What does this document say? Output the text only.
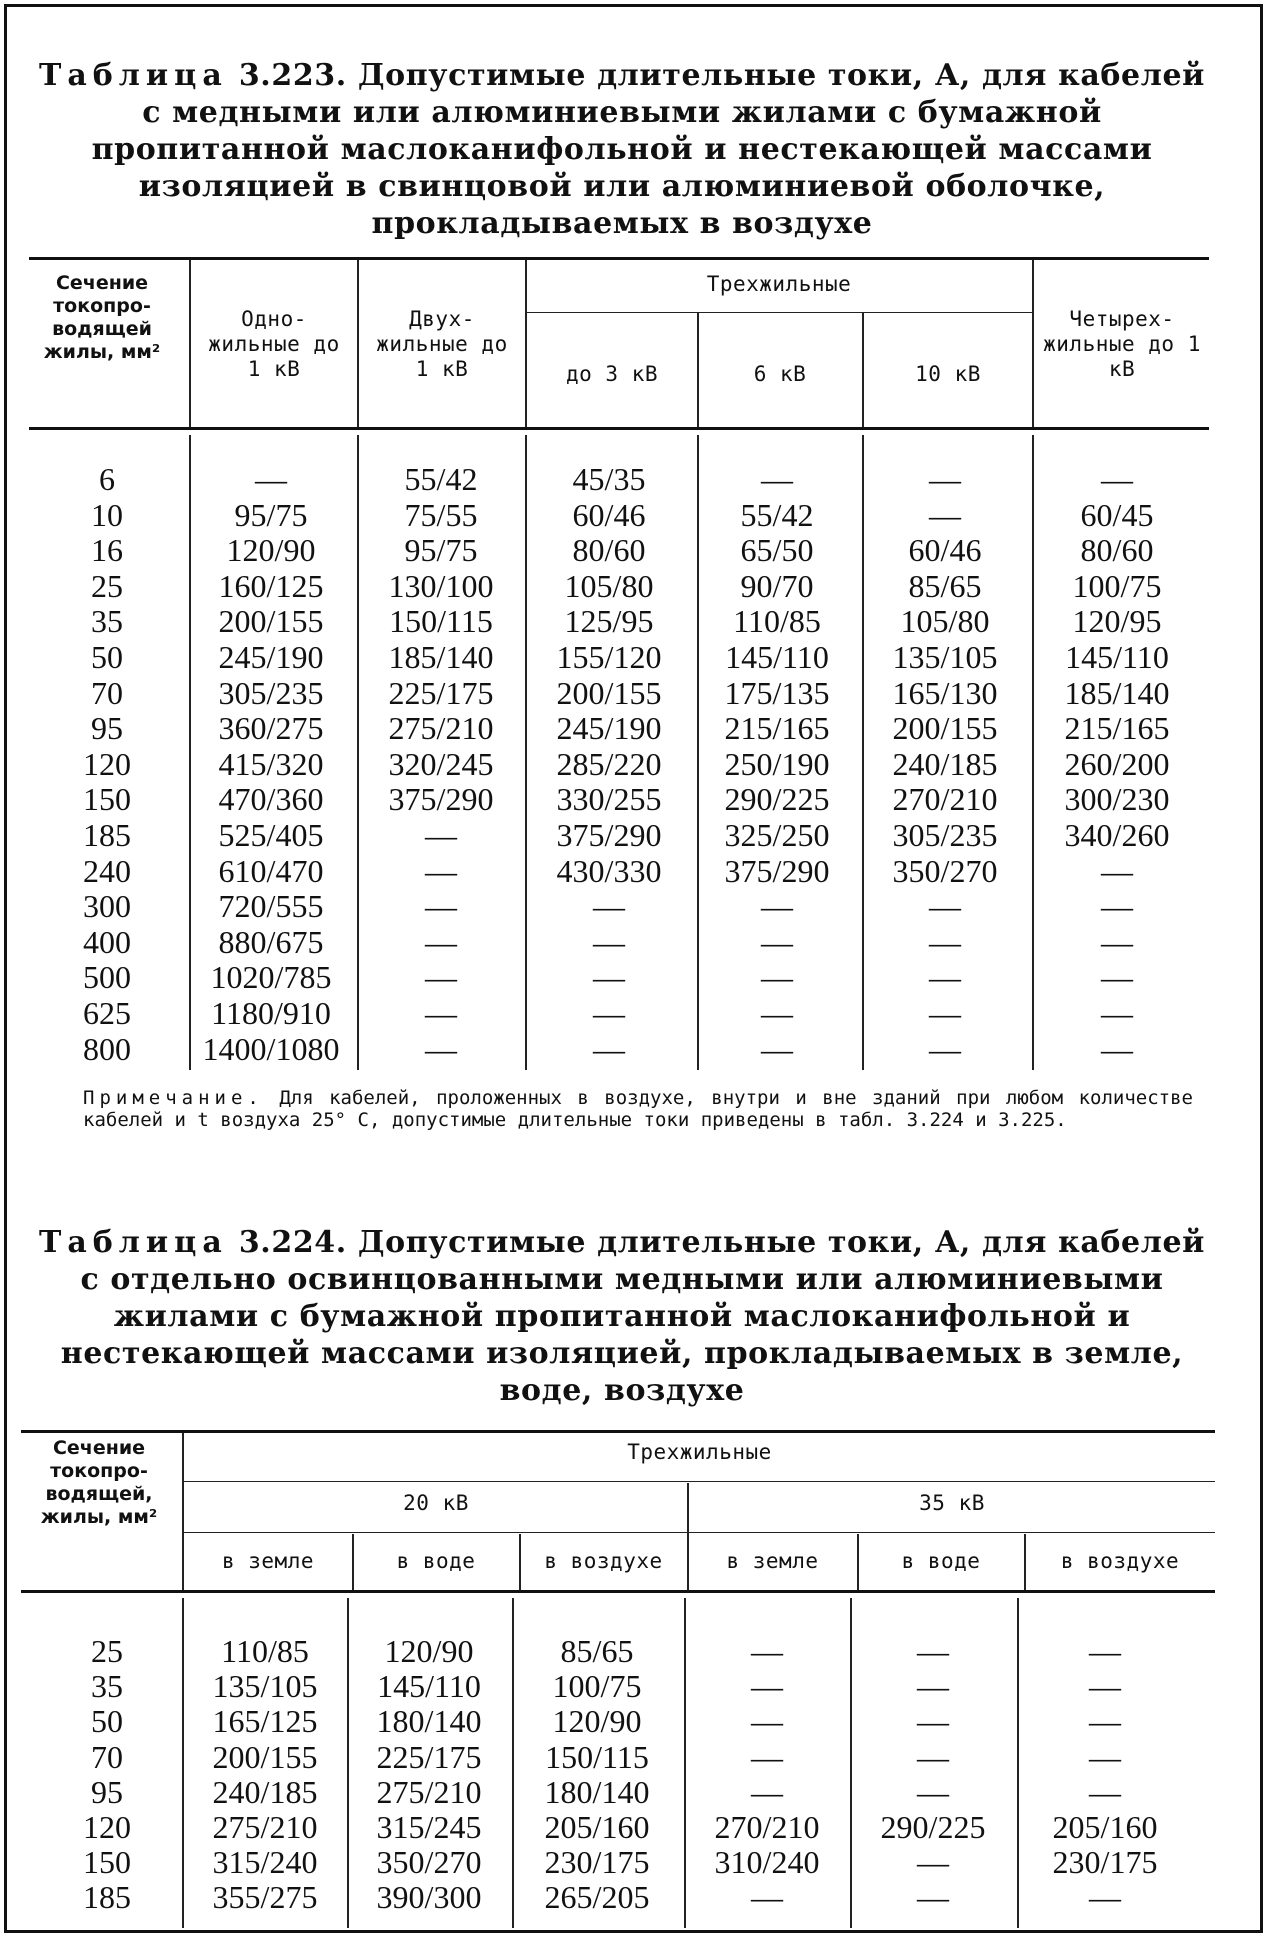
Таблица 3.223. Допустимые длительные токи, А, для кабелей с медными или алюминиевыми жилами с бумажной пропитанной маслоканифольной и нестекающей массами изоляцией в свинцовой или алюминиевой оболочке, прокладываемых в воздухе
Сечение токопро- водящей жилы, мм²
Одно- жильные до 1 кВ
Двух- жильные до 1 кВ
Трехжильные
до 3 кВ	6 кВ	10 кВ
Четырех- жильные до 1 кВ
6	—	55/42	45/35	—	—	—
10	95/75	75/55	60/46	55/42	—	60/45
16	120/90	95/75	80/60	65/50	60/46	80/60
25	160/125	130/100	105/80	90/70	85/65	100/75
35	200/155	150/115	125/95	110/85	105/80	120/95
50	245/190	185/140	155/120	145/110	135/105	145/110
70	305/235	225/175	200/155	175/135	165/130	185/140
95	360/275	275/210	245/190	215/165	200/155	215/165
120	415/320	320/245	285/220	250/190	240/185	260/200
150	470/360	375/290	330/255	290/225	270/210	300/230
185	525/405	—	375/290	325/250	305/235	340/260
240	610/470	—	430/330	375/290	350/270	—
300	720/555	—	—	—	—	—
400	880/675	—	—	—	—	—
500	1020/785	—	—	—	—	—
625	1180/910	—	—	—	—	—
800	1400/1080	—	—	—	—	—
Примечание. Для кабелей, проложенных в воздухе, внутри и вне зданий при любом количестве кабелей и t воздуха 25° С, допустимые длительные токи приведены в табл. 3.224 и 3.225.
Таблица 3.224. Допустимые длительные токи, А, для кабелей с отдельно освинцованными медными или алюминиевыми жилами с бумажной пропитанной маслоканифольной и нестекающей массами изоляцией, прокладываемых в земле, воде, воздухе
Сечение токопро- водящей, жилы, мм²
Трехжильные
20 кВ	35 кВ
в земле	в воде	в воздухе	в земле	в воде	в воздухе
25	110/85	120/90	85/65	—	—	—
35	135/105	145/110	100/75	—	—	—
50	165/125	180/140	120/90	—	—	—
70	200/155	225/175	150/115	—	—	—
95	240/185	275/210	180/140	—	—	—
120	275/210	315/245	205/160	270/210	290/225	205/160
150	315/240	350/270	230/175	310/240	—	230/175
185	355/275	390/300	265/205	—	—	—
